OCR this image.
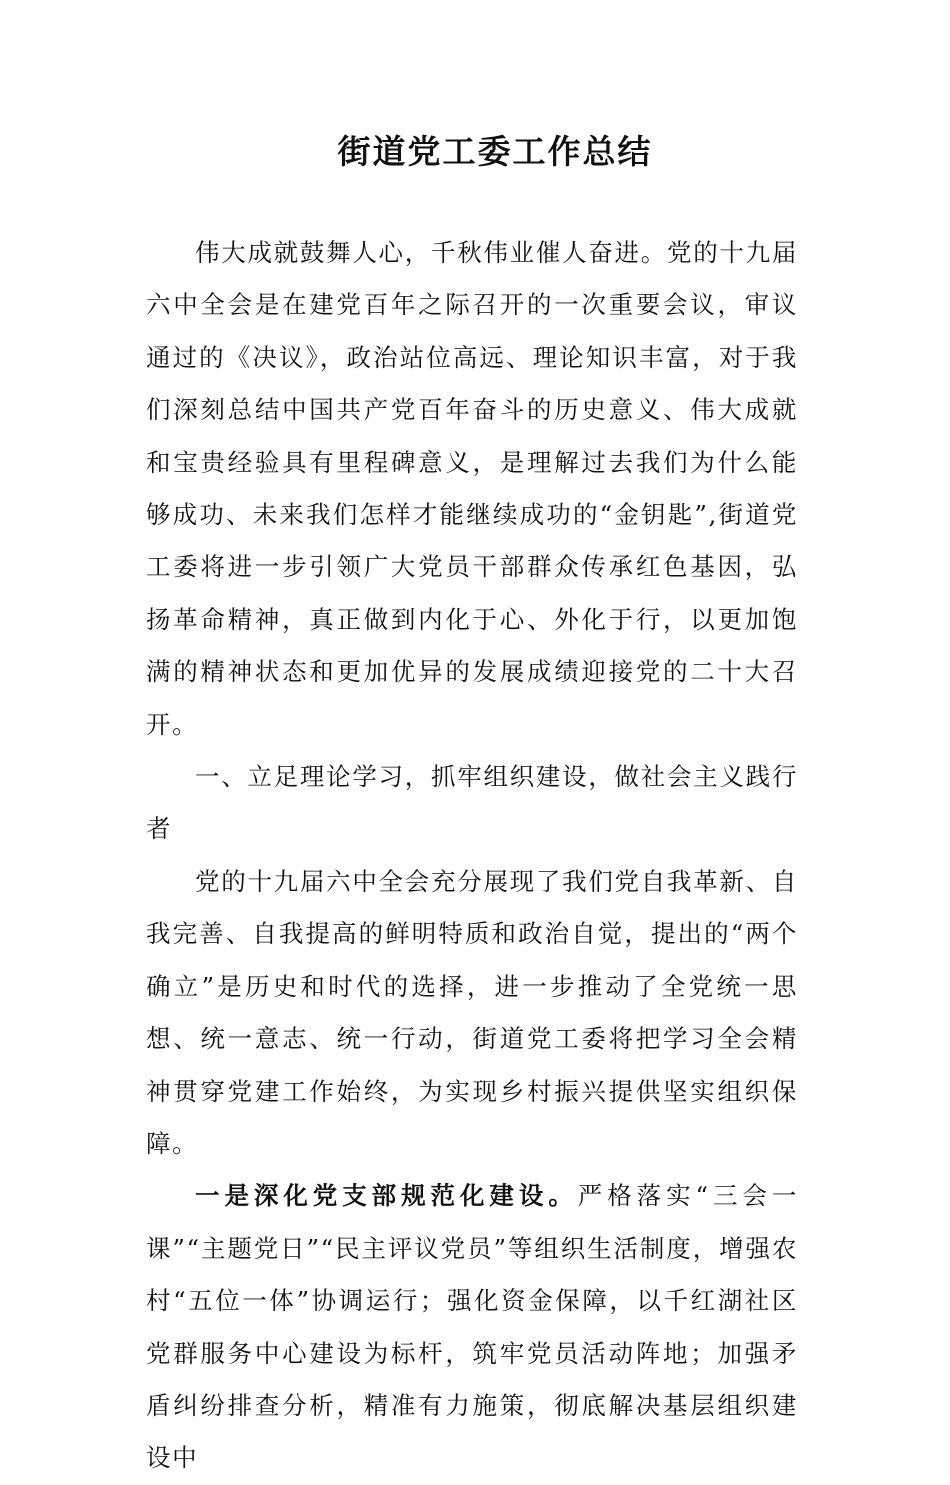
街道党工委工作总结

伟大成就鼓舞人心，千秋伟业催人奋进。党的十九届六中全会是在建党百年之际召开的一次重要会议，审议通过的《决议》，政治站位高远、理论知识丰富，对于我们深刻总结中国共产党百年奋斗的历史意义、伟大成就和宝贵经验具有里程碑意义，是理解过去我们为什么能够成功、未来我们怎样才能继续成功的“金钥匙”,街道党工委将进一步引领广大党员干部群众传承红色基因，弘扬革命精神，真正做到内化于心、外化于行，以更加饱满的精神状态和更加优异的发展成绩迎接党的二十大召开。

一、立足理论学习，抓牢组织建设，做社会主义践行者

党的十九届六中全会充分展现了我们党自我革新、自我完善、自我提高的鲜明特质和政治自觉，提出的“两个确立”是历史和时代的选择，进一步推动了全党统一思想、统一意志、统一行动，街道党工委将把学习全会精神贯穿党建工作始终，为实现乡村振兴提供坚实组织保障。

一是深化党支部规范化建设。严格落实“三会一课”“主题党日”“民主评议党员”等组织生活制度，增强农村“五位一体”协调运行；强化资金保障，以千红湖社区党群服务中心建设为标杆，筑牢党员活动阵地；加强矛盾纠纷排查分析，精准有力施策，彻底解决基层组织建设中
